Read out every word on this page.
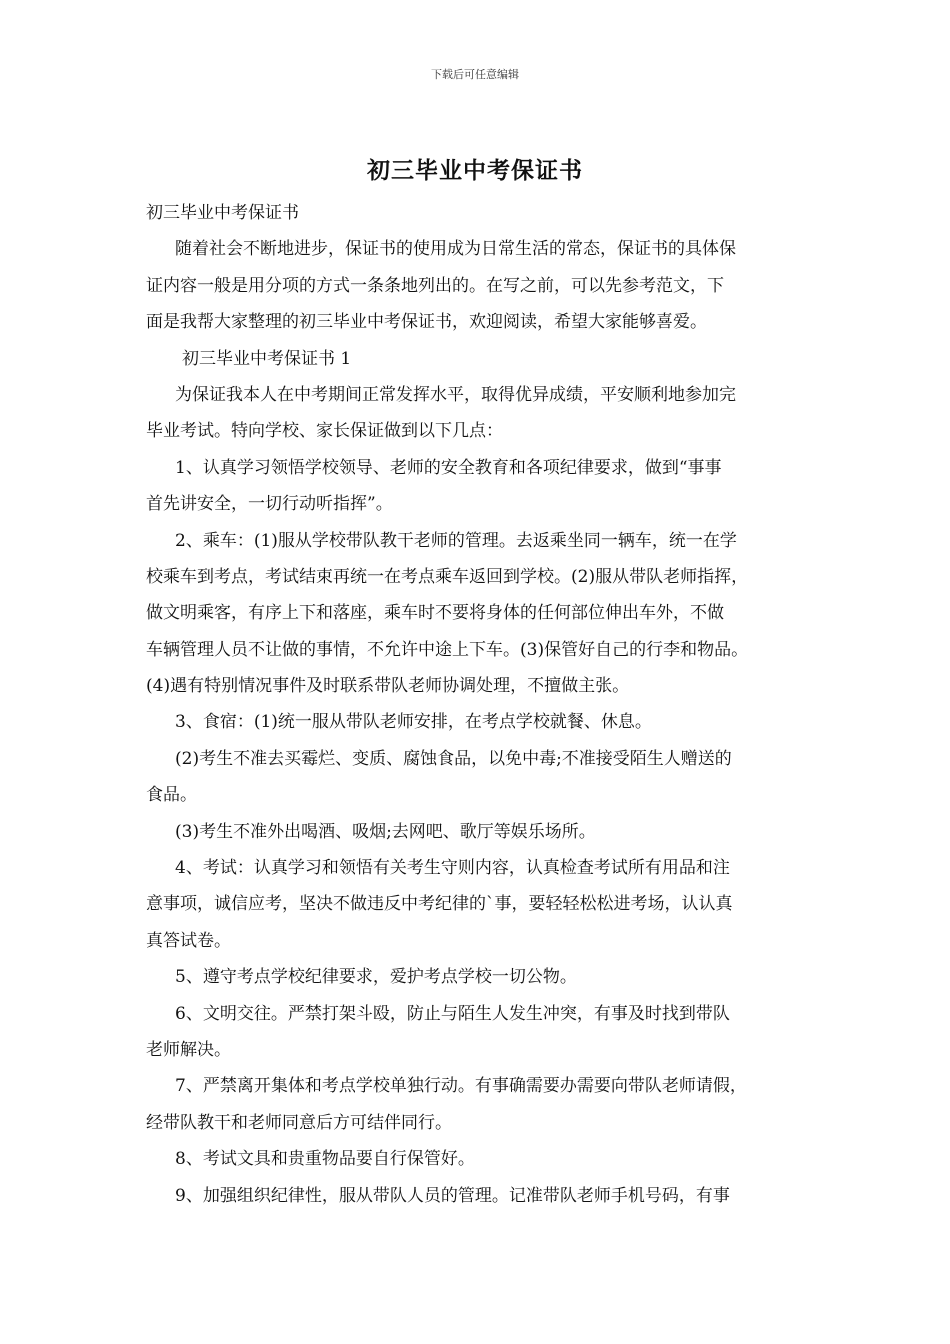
下载后可任意编辑
初三毕业中考保证书
初三毕业中考保证书
随着社会不断地进步，保证书的使用成为日常生活的常态，保证书的具体保
证内容一般是用分项的方式一条条地列出的。在写之前，可以先参考范文，下
面是我帮大家整理的初三毕业中考保证书，欢迎阅读，希望大家能够喜爱。
初三毕业中考保证书 1
为保证我本人在中考期间正常发挥水平，取得优异成绩，平安顺利地参加完
毕业考试。特向学校、家长保证做到以下几点：
1、认真学习领悟学校领导、老师的安全教育和各项纪律要求，做到“事事
首先讲安全，一切行动听指挥”。
2、乘车：(1)服从学校带队教干老师的管理。去返乘坐同一辆车，统一在学
校乘车到考点，考试结束再统一在考点乘车返回到学校。(2)服从带队老师指挥，
做文明乘客，有序上下和落座，乘车时不要将身体的任何部位伸出车外，不做
车辆管理人员不让做的事情，不允许中途上下车。(3)保管好自己的行李和物品。
(4)遇有特别情况事件及时联系带队老师协调处理，不擅做主张。
3、食宿：(1)统一服从带队老师安排，在考点学校就餐、休息。
(2)考生不准去买霉烂、变质、腐蚀食品，以免中毒;不准接受陌生人赠送的
食品。
(3)考生不准外出喝酒、吸烟;去网吧、歌厅等娱乐场所。
4、考试：认真学习和领悟有关考生守则内容，认真检查考试所有用品和注
意事项，诚信应考，坚决不做违反中考纪律的`事，要轻轻松松进考场，认认真
真答试卷。
5、遵守考点学校纪律要求，爱护考点学校一切公物。
6、文明交往。严禁打架斗殴，防止与陌生人发生冲突，有事及时找到带队
老师解决。
7、严禁离开集体和考点学校单独行动。有事确需要办需要向带队老师请假，
经带队教干和老师同意后方可结伴同行。
8、考试文具和贵重物品要自行保管好。
9、加强组织纪律性，服从带队人员的管理。记准带队老师手机号码，有事
